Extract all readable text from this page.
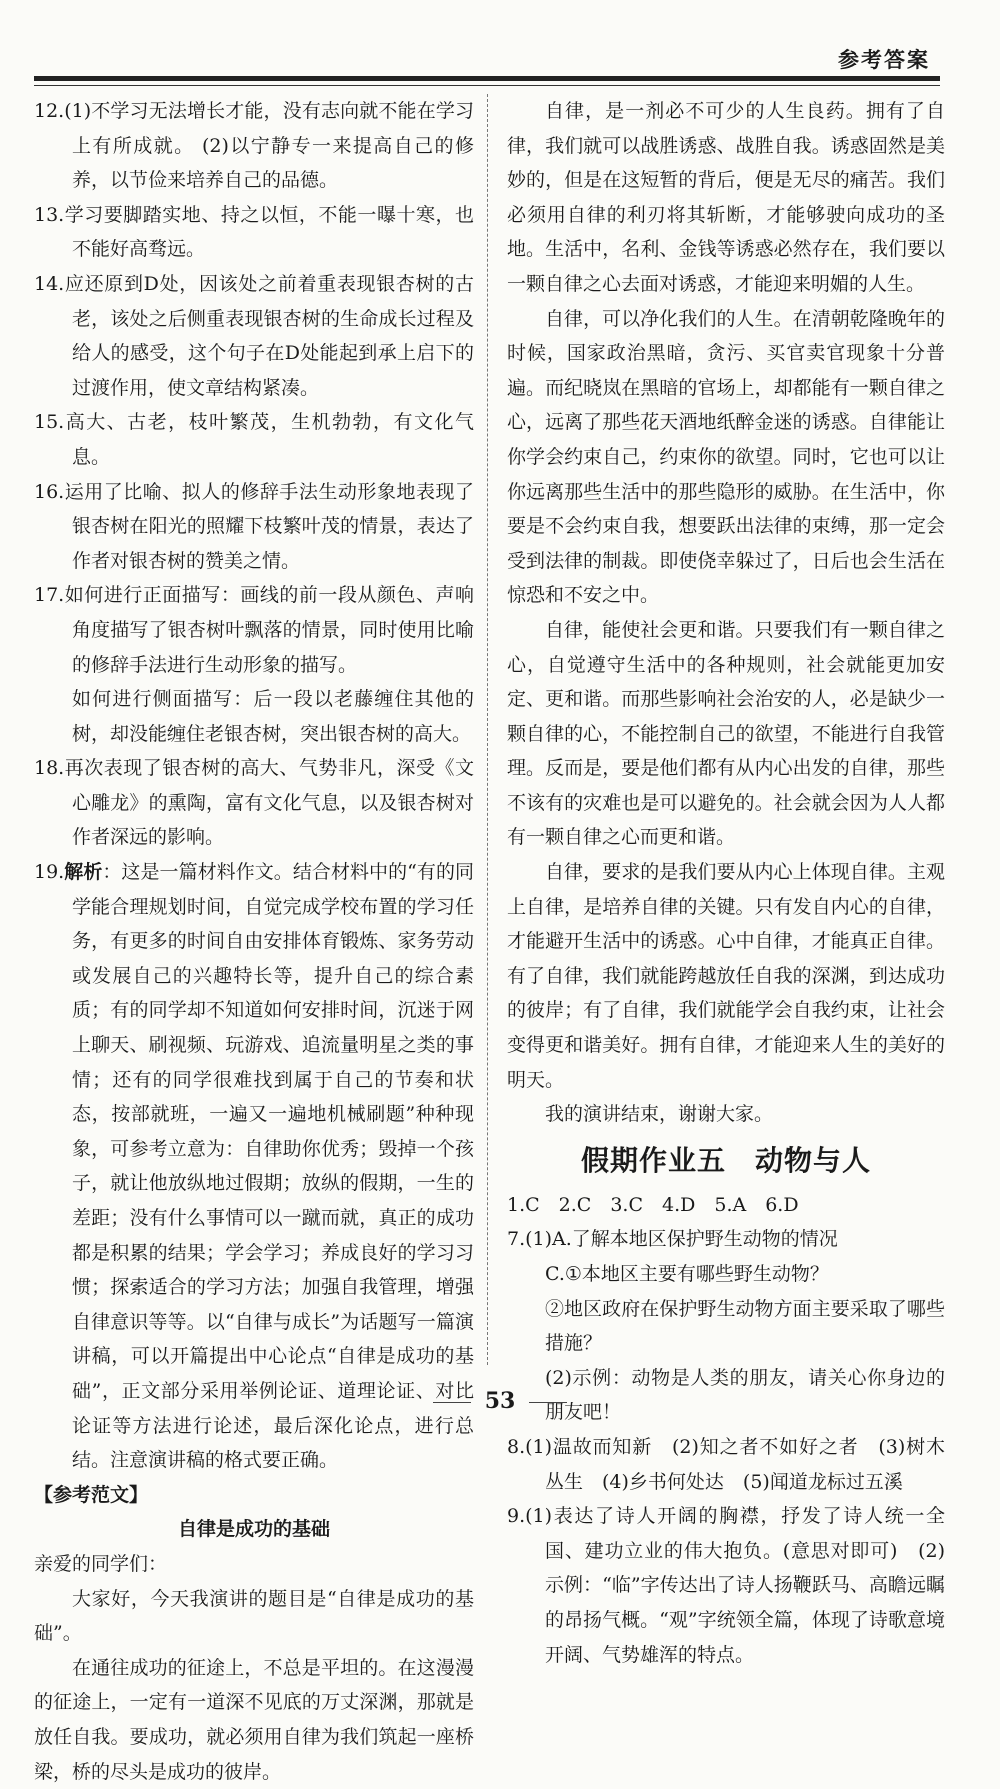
参考答案

12.(1)不学习无法增长才能，没有志向就不能在学习上有所成就。 (2)以宁静专一来提高自己的修养，以节俭来培养自己的品德。

13.学习要脚踏实地、持之以恒，不能一曝十寒，也不能好高骛远。

14.应还原到D处，因该处之前着重表现银杏树的古老，该处之后侧重表现银杏树的生命成长过程及给人的感受，这个句子在D处能起到承上启下的过渡作用，使文章结构紧凑。

15.高大、古老，枝叶繁茂，生机勃勃，有文化气息。

16.运用了比喻、拟人的修辞手法生动形象地表现了银杏树在阳光的照耀下枝繁叶茂的情景，表达了作者对银杏树的赞美之情。

17.如何进行正面描写：画线的前一段从颜色、声响角度描写了银杏树叶飘落的情景，同时使用比喻的修辞手法进行生动形象的描写。

如何进行侧面描写：后一段以老藤缠住其他的树，却没能缠住老银杏树，突出银杏树的高大。

18.再次表现了银杏树的高大、气势非凡，深受《文心雕龙》的熏陶，富有文化气息，以及银杏树对作者深远的影响。

19.解析：这是一篇材料作文。结合材料中的“有的同学能合理规划时间，自觉完成学校布置的学习任务，有更多的时间自由安排体育锻炼、家务劳动或发展自己的兴趣特长等，提升自己的综合素质；有的同学却不知道如何安排时间，沉迷于网上聊天、刷视频、玩游戏、追流量明星之类的事情；还有的同学很难找到属于自己的节奏和状态，按部就班，一遍又一遍地机械刷题”种种现象，可参考立意为：自律助你优秀；毁掉一个孩子，就让他放纵地过假期；放纵的假期，一生的差距；没有什么事情可以一蹴而就，真正的成功都是积累的结果；学会学习；养成良好的学习习惯；探索适合的学习方法；加强自我管理，增强自律意识等等。以“自律与成长”为话题写一篇演讲稿，可以开篇提出中心论点“自律是成功的基础”，正文部分采用举例论证、道理论证、对比论证等方法进行论述，最后深化论点，进行总结。注意演讲稿的格式要正确。

【参考范文】

自律是成功的基础

亲爱的同学们：

大家好，今天我演讲的题目是“自律是成功的基础”。

在通往成功的征途上，不总是平坦的。在这漫漫的征途上，一定有一道深不见底的万丈深渊，那就是放任自我。要成功，就必须用自律为我们筑起一座桥梁，桥的尽头是成功的彼岸。

自律，是一剂必不可少的人生良药。拥有了自律，我们就可以战胜诱惑、战胜自我。诱惑固然是美妙的，但是在这短暂的背后，便是无尽的痛苦。我们必须用自律的利刃将其斩断，才能够驶向成功的圣地。生活中，名利、金钱等诱惑必然存在，我们要以一颗自律之心去面对诱惑，才能迎来明媚的人生。

自律，可以净化我们的人生。在清朝乾隆晚年的时候，国家政治黑暗，贪污、买官卖官现象十分普遍。而纪晓岚在黑暗的官场上，却都能有一颗自律之心，远离了那些花天酒地纸醉金迷的诱惑。自律能让你学会约束自己，约束你的欲望。同时，它也可以让你远离那些生活中的那些隐形的威胁。在生活中，你要是不会约束自我，想要跃出法律的束缚，那一定会受到法律的制裁。即使侥幸躲过了，日后也会生活在惊恐和不安之中。

自律，能使社会更和谐。只要我们有一颗自律之心，自觉遵守生活中的各种规则，社会就能更加安定、更和谐。而那些影响社会治安的人，必是缺少一颗自律的心，不能控制自己的欲望，不能进行自我管理。反而是，要是他们都有从内心出发的自律，那些不该有的灾难也是可以避免的。社会就会因为人人都有一颗自律之心而更和谐。

自律，要求的是我们要从内心上体现自律。主观上自律，是培养自律的关键。只有发自内心的自律，才能避开生活中的诱惑。心中自律，才能真正自律。有了自律，我们就能跨越放任自我的深渊，到达成功的彼岸；有了自律，我们就能学会自我约束，让社会变得更和谐美好。拥有自律，才能迎来人生的美好的明天。

我的演讲结束，谢谢大家。

假期作业五　动物与人

1.C　2.C　3.C　4.D　5.A　6.D

7.(1)A.了解本地区保护野生动物的情况

C.①本地区主要有哪些野生动物？

②地区政府在保护野生动物方面主要采取了哪些措施？

(2)示例：动物是人类的朋友，请关心你身边的朋友吧！

8.(1)温故而知新　(2)知之者不如好之者　(3)树木丛生　(4)乡书何处达　(5)闻道龙标过五溪

9.(1)表达了诗人开阔的胸襟，抒发了诗人统一全国、建功立业的伟大抱负。(意思对即可)　(2)示例：“临”字传达出了诗人扬鞭跃马、高瞻远瞩的昂扬气概。“观”字统领全篇，体现了诗歌意境开阔、气势雄浑的特点。

53
